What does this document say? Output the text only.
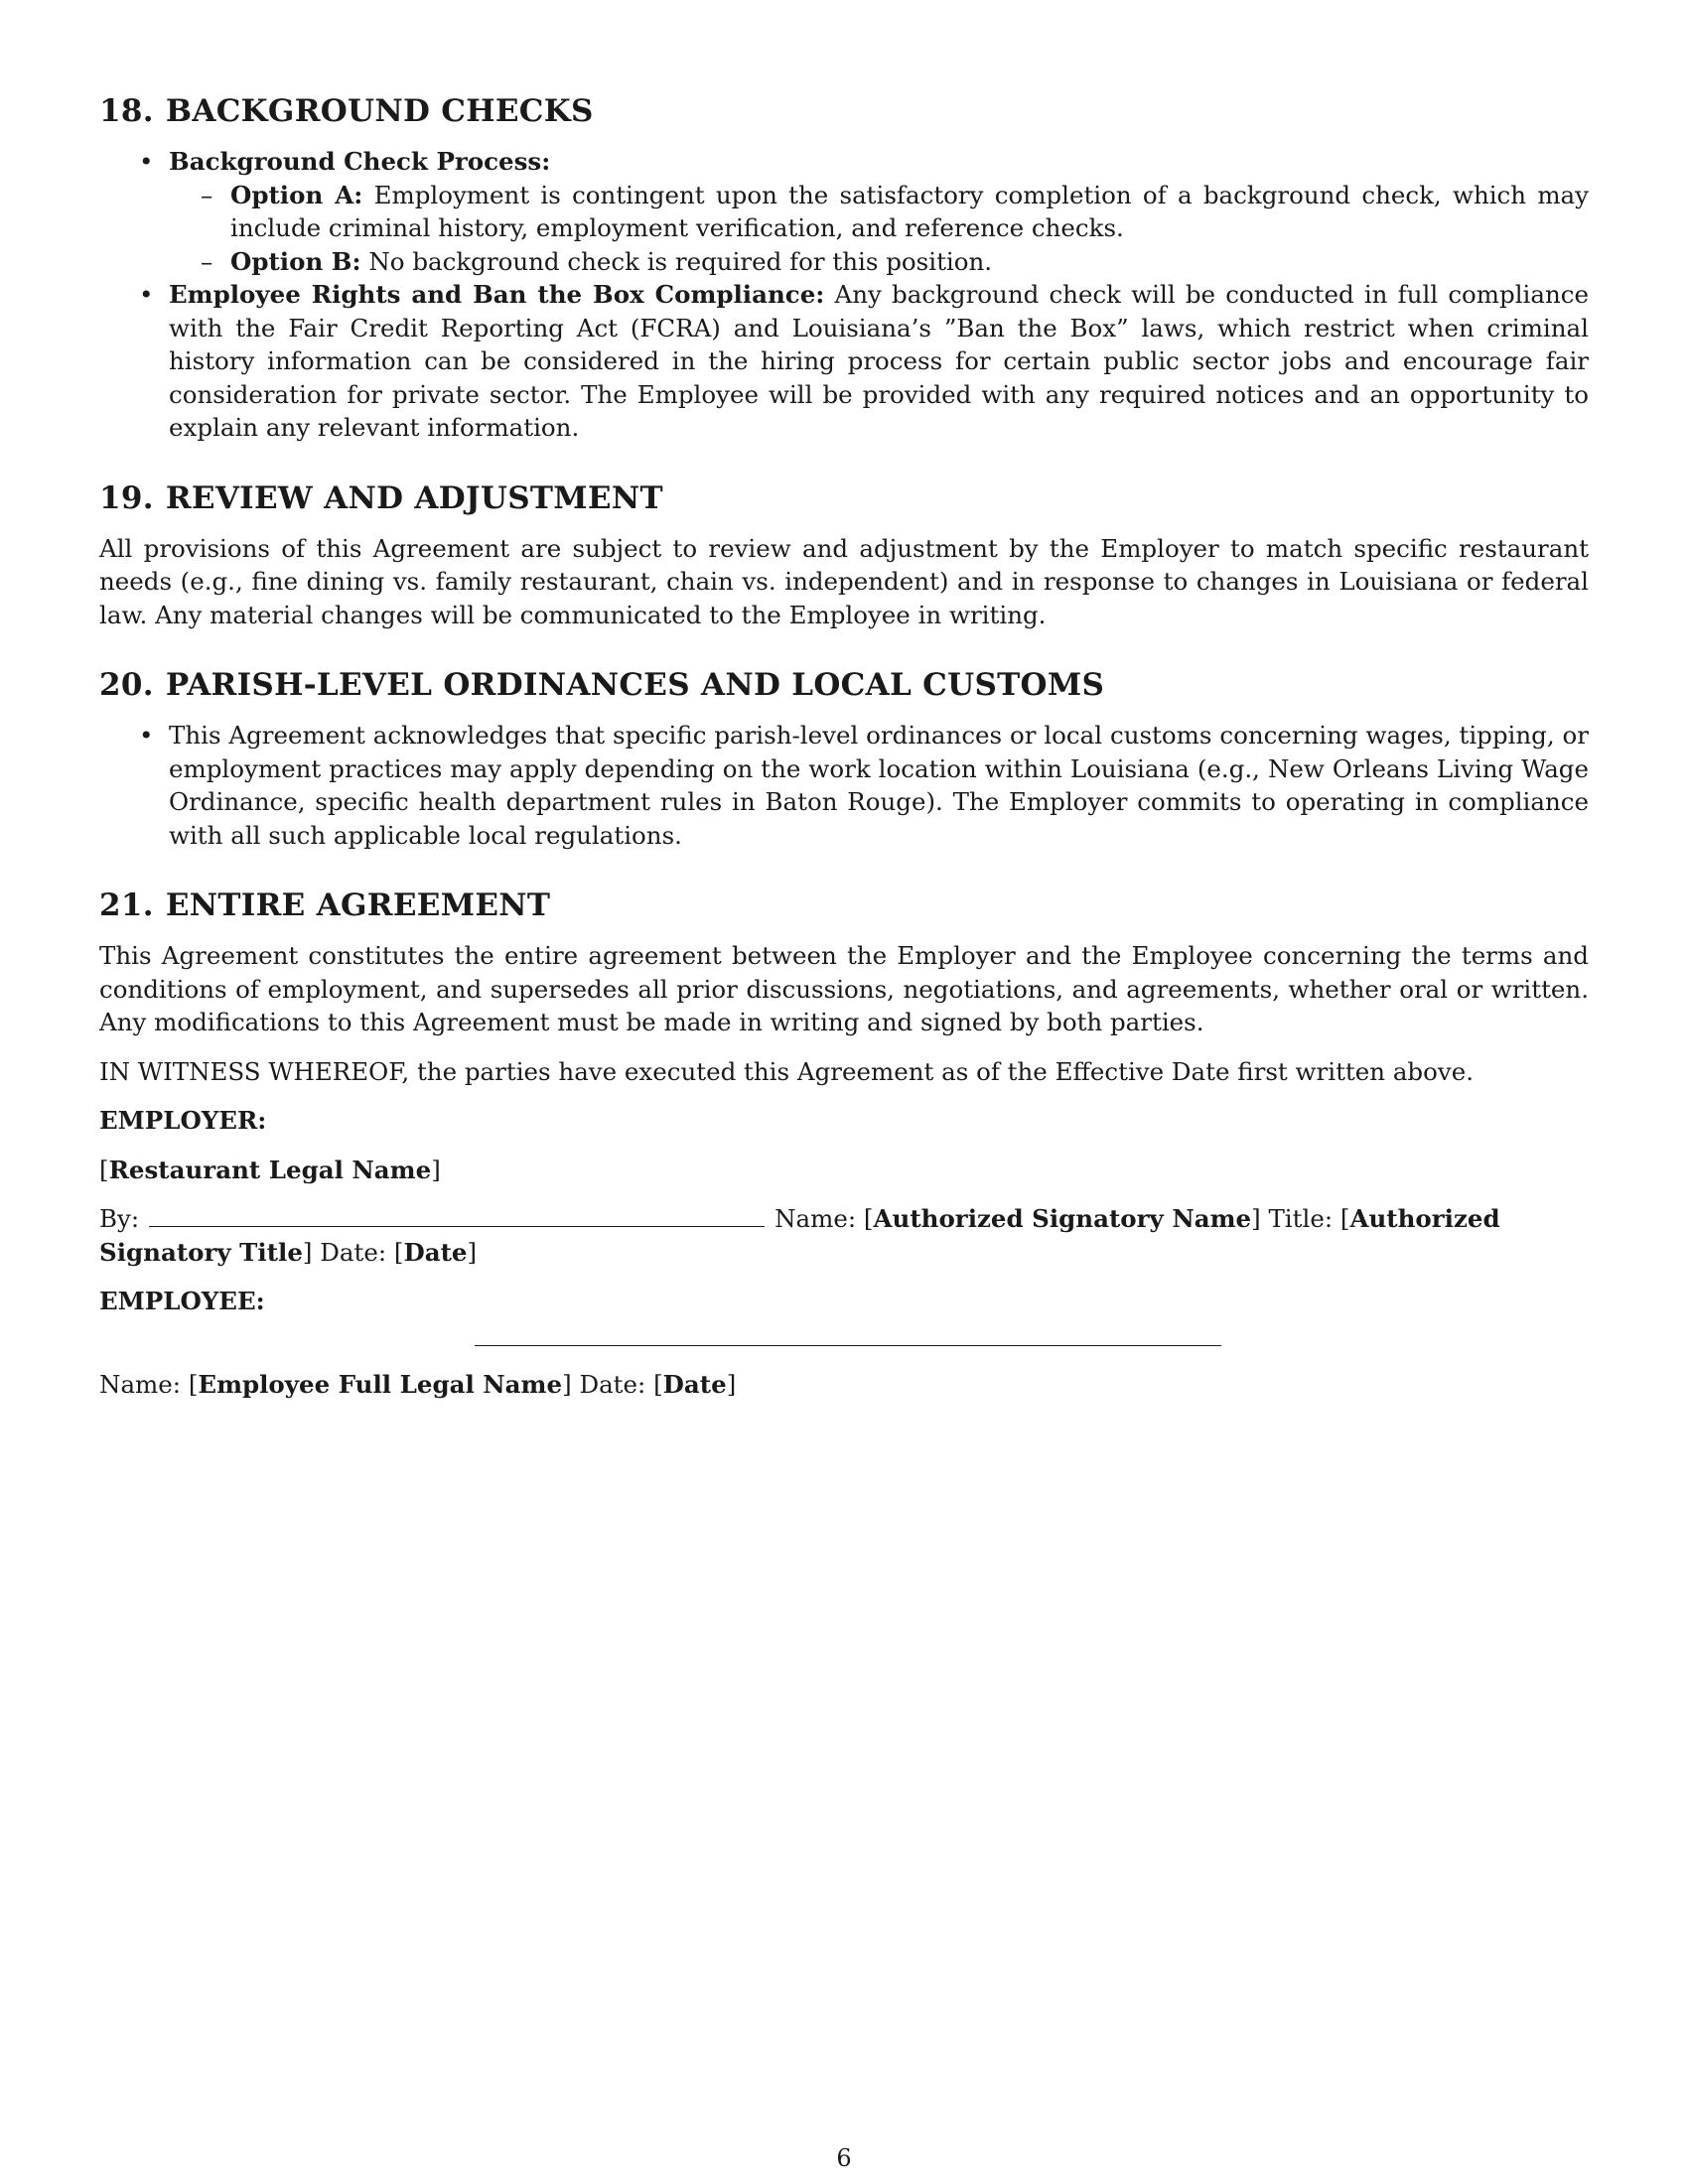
18. BACKGROUND CHECKS
• Background Check Process:
– Option A: Employment is contingent upon the satisfactory completion of a background check, which may include criminal history, employment verification, and reference checks.
– Option B: No background check is required for this position.
• Employee Rights and Ban the Box Compliance: Any background check will be conducted in full compliance with the Fair Credit Reporting Act (FCRA) and Louisiana’s ”Ban the Box” laws, which restrict when criminal history information can be considered in the hiring process for certain public sector jobs and encourage fair consideration for private sector. The Employee will be provided with any required notices and an opportunity to explain any relevant information.
19. REVIEW AND ADJUSTMENT

All provisions of this Agreement are subject to review and adjustment by the Employer to match specific restaurant needs (e.g., fine dining vs. family restaurant, chain vs. independent) and in response to changes in Louisiana or federal law. Any material changes will be communicated to the Employee in writing.

20. PARISH-LEVEL ORDINANCES AND LOCAL CUSTOMS
• This Agreement acknowledges that specific parish-level ordinances or local customs concerning wages, tipping, or employment practices may apply depending on the work location within Louisiana (e.g., New Orleans Living Wage Ordinance, specific health department rules in Baton Rouge). The Employer commits to operating in compliance with all such applicable local regulations.
21. ENTIRE AGREEMENT

This Agreement constitutes the entire agreement between the Employer and the Employee concerning the terms and conditions of employment, and supersedes all prior discussions, negotiations, and agreements, whether oral or written. Any modifications to this Agreement must be made in writing and signed by both parties.

IN WITNESS WHEREOF, the parties have executed this Agreement as of the Effective Date first written above.

EMPLOYER:

[Restaurant Legal Name]

By:	Name: [Authorized Signatory Name] Title: [Authorized Signatory Title] Date: [Date]

EMPLOYEE:

Name: [Employee Full Legal Name] Date: [Date]

6
